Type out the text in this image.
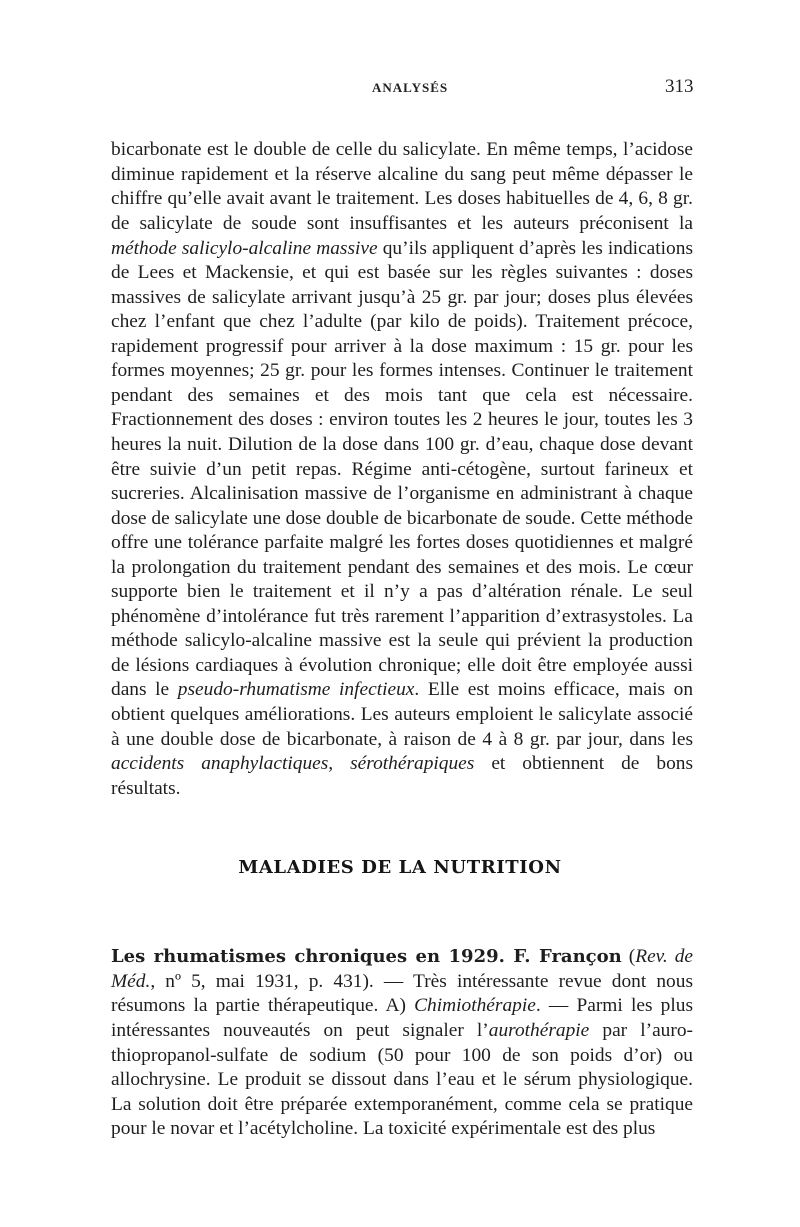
ANALYSÉS	313

bicarbonate est le double de celle du salicylate. En même temps, l’acidose diminue rapidement et la réserve alcaline du sang peut même dépasser le chiffre qu’elle avait avant le traitement. Les doses habituelles de 4, 6, 8 gr. de salicylate de soude sont insuffisantes et les auteurs préconisent la méthode salicylo-alcaline massive qu’ils appliquent d’après les indications de Lees et Mackensie, et qui est basée sur les règles suivantes : doses massives de salicylate arrivant jusqu’à 25 gr. par jour; doses plus élevées chez l’enfant que chez l’adulte (par kilo de poids). Traitement précoce, rapidement progressif pour arriver à la dose maximum : 15 gr. pour les formes moyennes; 25 gr. pour les formes intenses. Continuer le traitement pendant des semaines et des mois tant que cela est nécessaire. Fractionnement des doses : environ toutes les 2 heures le jour, toutes les 3 heures la nuit. Dilution de la dose dans 100 gr. d’eau, chaque dose devant être suivie d’un petit repas. Régime anti-cétogène, surtout farineux et sucreries. Alcalinisation massive de l’organisme en administrant à chaque dose de salicylate une dose double de bicarbonate de soude. Cette méthode offre une tolérance parfaite malgré les fortes doses quotidiennes et malgré la prolongation du traitement pendant des semaines et des mois. Le cœur supporte bien le traitement et il n’y a pas d’altération rénale. Le seul phénomène d’intolérance fut très rarement l’apparition d’extrasystoles. La méthode salicylo-alcaline massive est la seule qui prévient la production de lésions cardiaques à évolution chronique; elle doit être employée aussi dans le pseudo-rhumatisme infectieux. Elle est moins efficace, mais on obtient quelques améliorations. Les auteurs emploient le salicylate associé à une double dose de bicarbonate, à raison de 4 à 8 gr. par jour, dans les accidents anaphylactiques, sérothérapiques et obtiennent de bons résultats.

MALADIES DE LA NUTRITION

Les rhumatismes chroniques en 1929. F. Françon (Rev. de Méd., nº 5, mai 1931, p. 431). — Très intéressante revue dont nous résumons la partie thérapeutique. A) Chimiothérapie. — Parmi les plus intéressantes nouveautés on peut signaler l’aurothérapie par l’auro-thiopropanol-sulfate de sodium (50 pour 100 de son poids d’or) ou allochrysine. Le produit se dissout dans l’eau et le sérum physiologique. La solution doit être préparée extemporanément, comme cela se pratique pour le novar et l’acétylcholine. La toxicité expérimentale est des plus
